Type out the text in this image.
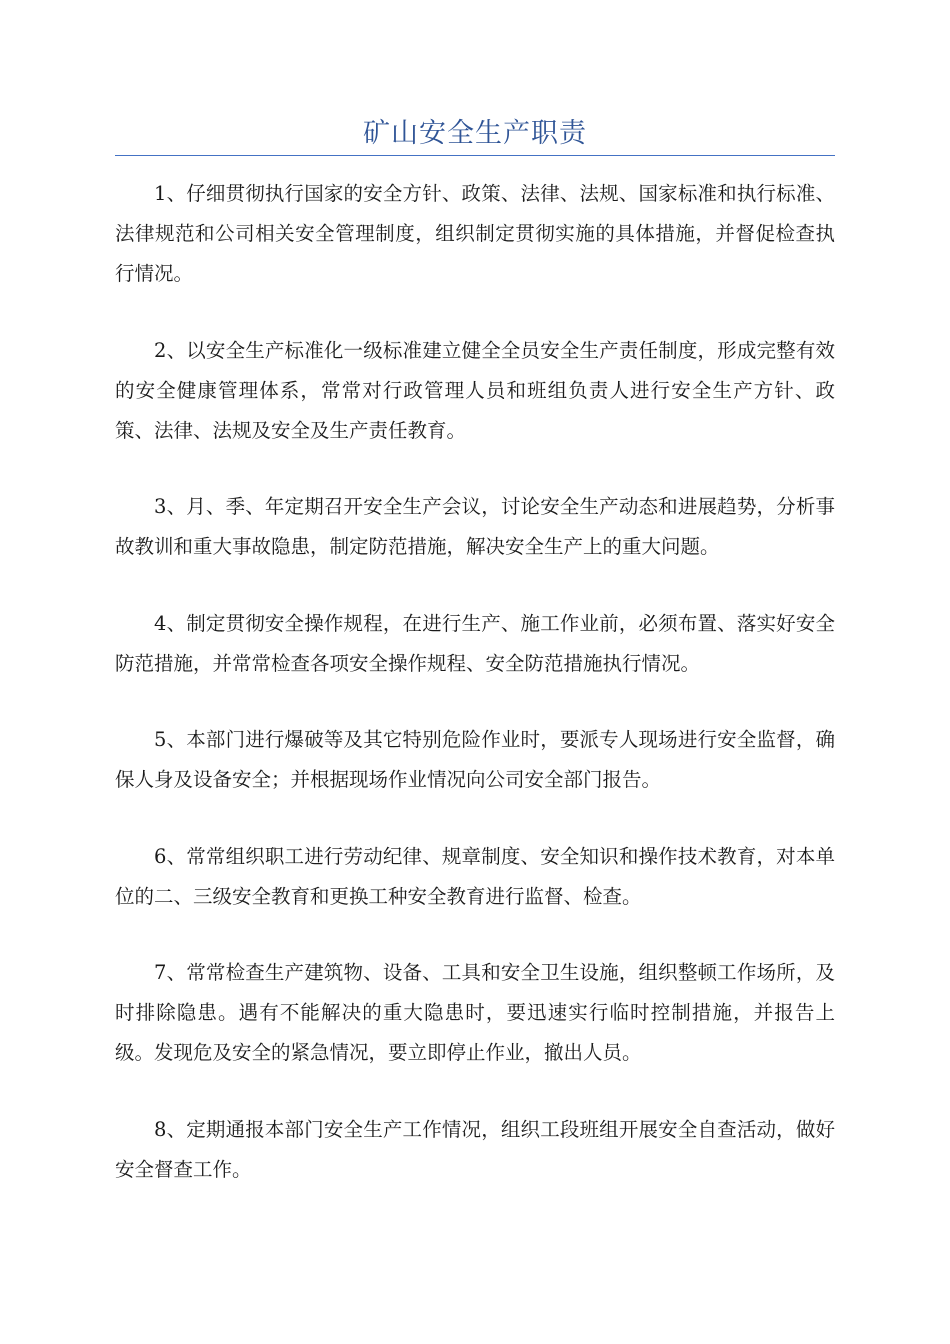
矿山安全生产职责

1、仔细贯彻执行国家的安全方针、政策、法律、法规、国家标准和执行标准、法律规范和公司相关安全管理制度，组织制定贯彻实施的具体措施，并督促检查执行情况。

2、以安全生产标准化一级标准建立健全全员安全生产责任制度，形成完整有效的安全健康管理体系，常常对行政管理人员和班组负责人进行安全生产方针、政策、法律、法规及安全及生产责任教育。

3、月、季、年定期召开安全生产会议，讨论安全生产动态和进展趋势，分析事故教训和重大事故隐患，制定防范措施，解决安全生产上的重大问题。

4、制定贯彻安全操作规程，在进行生产、施工作业前，必须布置、落实好安全防范措施，并常常检查各项安全操作规程、安全防范措施执行情况。

5、本部门进行爆破等及其它特别危险作业时，要派专人现场进行安全监督，确保人身及设备安全；并根据现场作业情况向公司安全部门报告。

6、常常组织职工进行劳动纪律、规章制度、安全知识和操作技术教育，对本单位的二、三级安全教育和更换工种安全教育进行监督、检查。

7、常常检查生产建筑物、设备、工具和安全卫生设施，组织整顿工作场所，及时排除隐患。遇有不能解决的重大隐患时，要迅速实行临时控制措施，并报告上级。发现危及安全的紧急情况，要立即停止作业，撤出人员。

8、定期通报本部门安全生产工作情况，组织工段班组开展安全自查活动，做好安全督查工作。
